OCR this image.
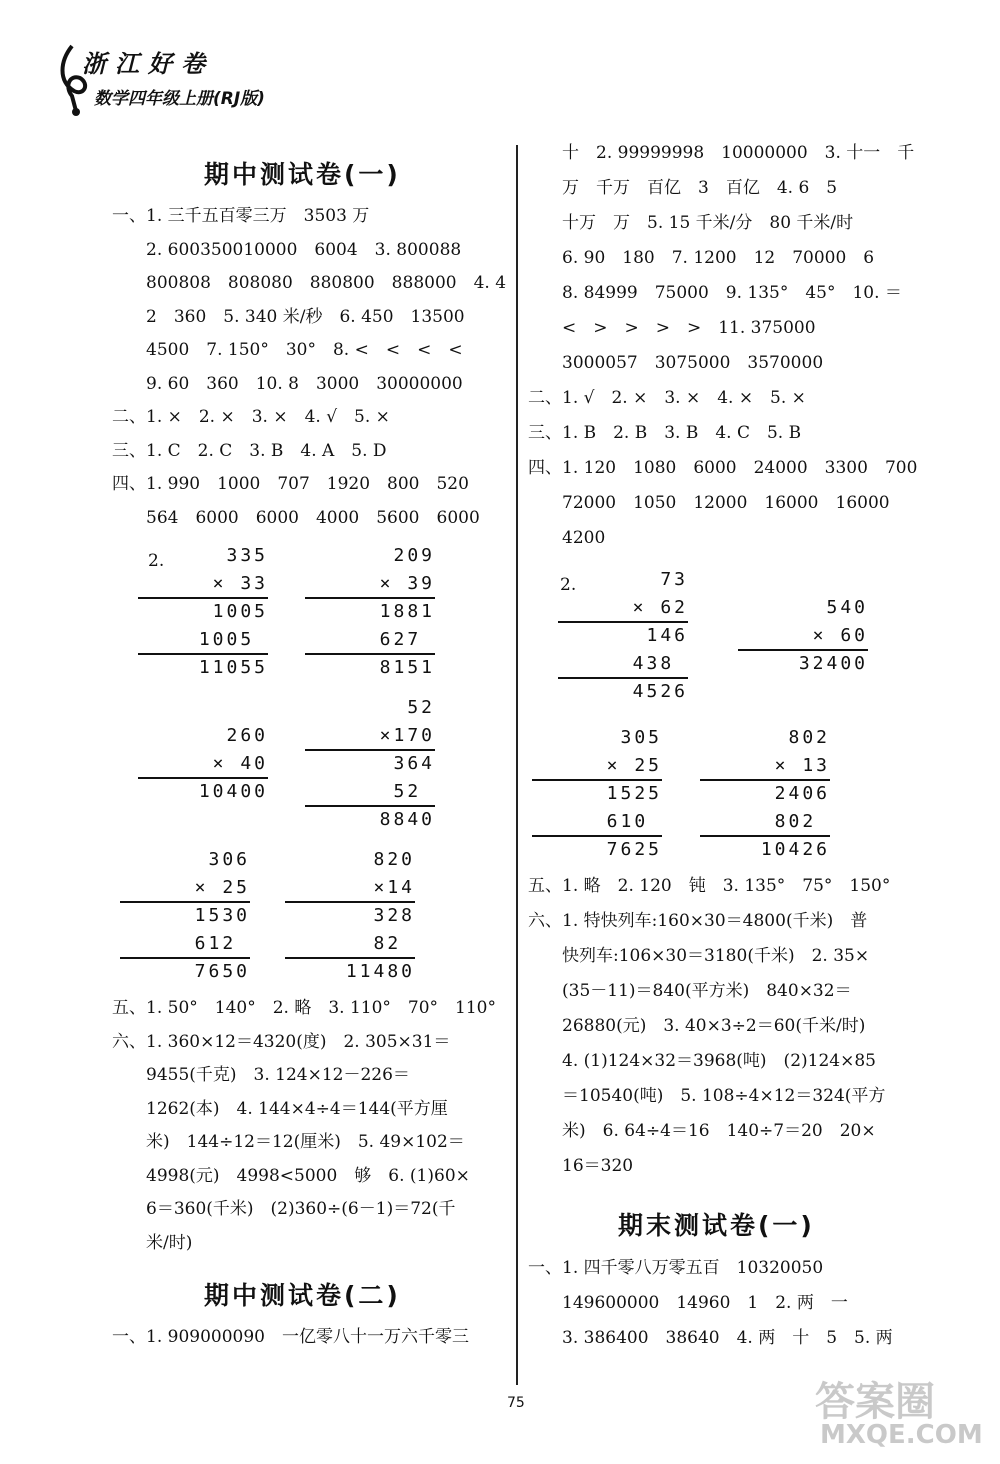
浙江好卷
数学四年级上册(RJ版)
期中测试卷(一)
一、1. 三千五百零三万　3503 万
2. 600350010000　6004　3. 800088
800808　808080　880800　888000　4. 4
2　360　5. 340 米/秒　6. 450　13500
4500　7. 150°　30°　8. <　<　<　<
9. 60　360　10. 8　3000　30000000
二、1. ×　2. ×　3. ×　4. √　5. ×
三、1. C　2. C　3. B　4. A　5. D
四、1. 990　1000　707　1920　800　520
564　6000　6000　4000　5600　6000
2.	335
× 33
1005
1005
11055
209
× 39
1881
627
8151
260
× 40
10400
52
×170
364
52
8840
306
× 25
1530
612
7650
820
×14
328
82
11480
五、1. 50°　140°　2. 略　3. 110°　70°　110°
六、1. 360×12＝4320(度)　2. 305×31＝
9455(千克)　3. 124×12－226＝
1262(本)　4. 144×4÷4＝144(平方厘
米)　144÷12＝12(厘米)　5. 49×102＝
4998(元)　4998<5000　够　6. (1)60×
6＝360(千米)　(2)360÷(6－1)＝72(千
米/时)
期中测试卷(二)
一、1. 909000090　一亿零八十一万六千零三
十　2. 99999998　10000000　3. 十一　千
万　千万　百亿　3　百亿　4. 6　5
十万　万　5. 15 千米/分　80 千米/时
6. 90　180　7. 1200　12　70000　6
8. 84999　75000　9. 135°　45°　10. ＝
<　>　>　>　>　11. 375000
3000057　3075000　3570000
二、1. √　2. ×　3. ×　4. ×　5. ×
三、1. B　2. B　3. B　4. C　5. B
四、1. 120　1080　6000　24000　3300　700
72000　1050　12000　16000　16000
4200
2.	73
× 62
146
438
4526
540
× 60
32400
305
× 25
1525
610
7625
802
× 13
2406
802
10426
五、1. 略　2. 120　钝　3. 135°　75°　150°
六、1. 特快列车:160×30＝4800(千米)　普
快列车:106×30＝3180(千米)　2. 35×
(35－11)＝840(平方米)　840×32＝
26880(元)　3. 40×3÷2＝60(千米/时)
4. (1)124×32＝3968(吨)　(2)124×85
＝10540(吨)　5. 108÷4×12＝324(平方
米)　6. 64÷4＝16　140÷7＝20　20×
16＝320
期末测试卷(一)
一、1. 四千零八万零五百　10320050
149600000　14960　1　2. 两　一
3. 386400　38640　4. 两　十　5　5. 两
75	答案圈
MXQE.COM
